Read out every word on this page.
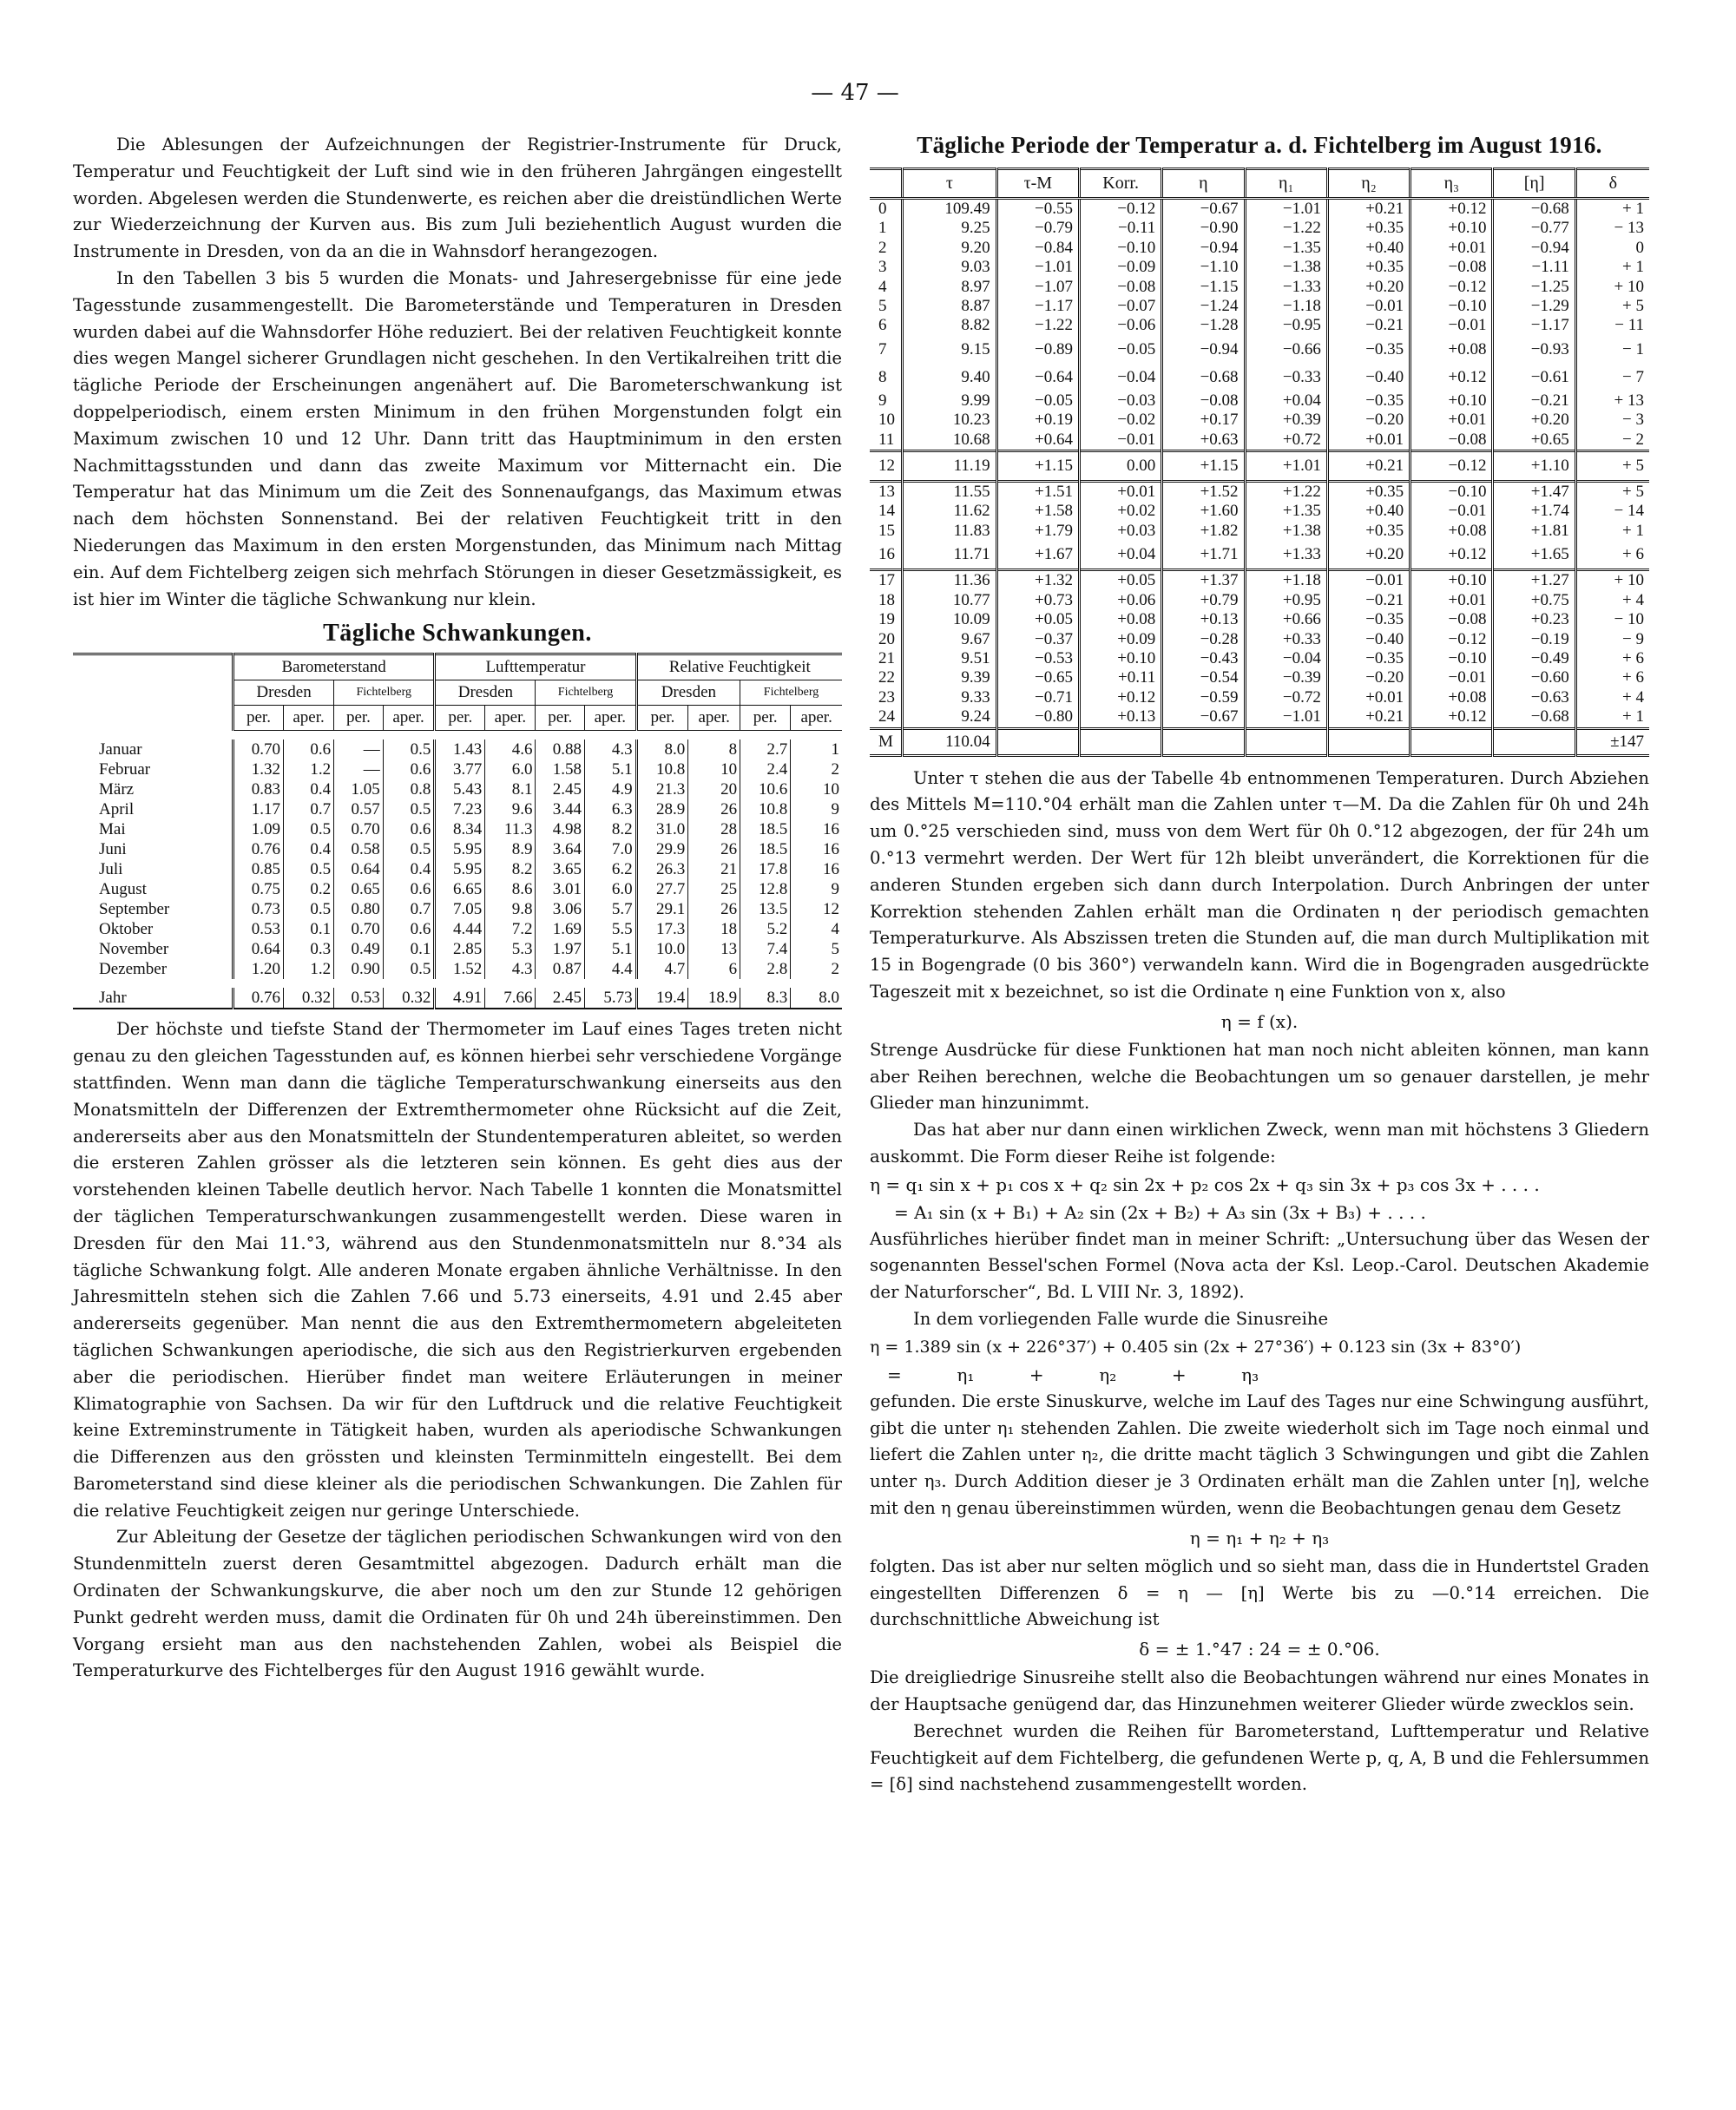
— 47 —

Die Ablesungen der Aufzeichnungen der Registrier-Instrumente für Druck, Temperatur und Feuchtigkeit der Luft sind wie in den früheren Jahrgängen eingestellt worden. Abgelesen werden die Stundenwerte, es reichen aber die dreistündlichen Werte zur Wiederzeichnung der Kurven aus. Bis zum Juli beziehentlich August wurden die Instrumente in Dresden, von da an die in Wahnsdorf herangezogen.

In den Tabellen 3 bis 5 wurden die Monats- und Jahresergebnisse für eine jede Tagesstunde zusammengestellt. Die Barometerstände und Temperaturen in Dresden wurden dabei auf die Wahnsdorfer Höhe reduziert. Bei der relativen Feuchtigkeit konnte dies wegen Mangel sicherer Grundlagen nicht geschehen. In den Vertikalreihen tritt die tägliche Periode der Erscheinungen angenähert auf. Die Barometerschwankung ist doppelperiodisch, einem ersten Minimum in den frühen Morgenstunden folgt ein Maximum zwischen 10 und 12 Uhr. Dann tritt das Hauptminimum in den ersten Nachmittagsstunden und dann das zweite Maximum vor Mitternacht ein. Die Temperatur hat das Minimum um die Zeit des Sonnenaufgangs, das Maximum etwas nach dem höchsten Sonnenstand. Bei der relativen Feuchtigkeit tritt in den Niederungen das Maximum in den ersten Morgenstunden, das Minimum nach Mittag ein. Auf dem Fichtelberg zeigen sich mehrfach Störungen in dieser Gesetzmässigkeit, es ist hier im Winter die tägliche Schwankung nur klein.

Tägliche Schwankungen.
	Barometerstand				Lufttemperatur				Relative Feuchtigkeit			
	Dresden		Fichtelberg		Dresden		Fichtelberg		Dresden		Fichtelberg	
	per.	aper.	per.	aper.	per.	aper.	per.	aper.	per.	aper.	per.	aper.

Januar	0.70	0.6	—	0.5	1.43	4.6	0.88	4.3	8.0	8	2.7	1
Februar	1.32	1.2	—	0.6	3.77	6.0	1.58	5.1	10.8	10	2.4	2
März	0.83	0.4	1.05	0.8	5.43	8.1	2.45	4.9	21.3	20	10.6	10
April	1.17	0.7	0.57	0.5	7.23	9.6	3.44	6.3	28.9	26	10.8	9
Mai	1.09	0.5	0.70	0.6	8.34	11.3	4.98	8.2	31.0	28	18.5	16
Juni	0.76	0.4	0.58	0.5	5.95	8.9	3.64	7.0	29.9	26	18.5	16
Juli	0.85	0.5	0.64	0.4	5.95	8.2	3.65	6.2	26.3	21	17.8	16
August	0.75	0.2	0.65	0.6	6.65	8.6	3.01	6.0	27.7	25	12.8	9
September	0.73	0.5	0.80	0.7	7.05	9.8	3.06	5.7	29.1	26	13.5	12
Oktober	0.53	0.1	0.70	0.6	4.44	7.2	1.69	5.5	17.3	18	5.2	4
November	0.64	0.3	0.49	0.1	2.85	5.3	1.97	5.1	10.0	13	7.4	5
Dezember	1.20	1.2	0.90	0.5	1.52	4.3	0.87	4.4	4.7	6	2.8	2

Jahr	0.76	0.32	0.53	0.32	4.91	7.66	2.45	5.73	19.4	18.9	8.3	8.0

Der höchste und tiefste Stand der Thermometer im Lauf eines Tages treten nicht genau zu den gleichen Tagesstunden auf, es können hierbei sehr verschiedene Vorgänge stattfinden. Wenn man dann die tägliche Temperaturschwankung einerseits aus den Monatsmitteln der Differenzen der Extremthermometer ohne Rücksicht auf die Zeit, andererseits aber aus den Monatsmitteln der Stundentemperaturen ableitet, so werden die ersteren Zahlen grösser als die letzteren sein können. Es geht dies aus der vorstehenden kleinen Tabelle deutlich hervor. Nach Tabelle 1 konnten die Monatsmittel der täglichen Temperaturschwankungen zusammengestellt werden. Diese waren in Dresden für den Mai 11.°3, während aus den Stundenmonatsmitteln nur 8.°34 als tägliche Schwankung folgt. Alle anderen Monate ergaben ähnliche Verhältnisse. In den Jahresmitteln stehen sich die Zahlen 7.66 und 5.73 einerseits, 4.91 und 2.45 aber andererseits gegenüber. Man nennt die aus den Extremthermometern abgeleiteten täglichen Schwankungen aperiodische, die sich aus den Registrierkurven ergebenden aber die periodischen. Hierüber findet man weitere Erläuterungen in meiner Klimatographie von Sachsen. Da wir für den Luftdruck und die relative Feuchtigkeit keine Extreminstrumente in Tätigkeit haben, wurden als aperiodische Schwankungen die Differenzen aus den grössten und kleinsten Terminmitteln eingestellt. Bei dem Barometerstand sind diese kleiner als die periodischen Schwankungen. Die Zahlen für die relative Feuchtigkeit zeigen nur geringe Unterschiede.

Zur Ableitung der Gesetze der täglichen periodischen Schwankungen wird von den Stundenmitteln zuerst deren Gesamtmittel abgezogen. Dadurch erhält man die Ordinaten der Schwankungskurve, die aber noch um den zur Stunde 12 gehörigen Punkt gedreht werden muss, damit die Ordinaten für 0h und 24h übereinstimmen. Den Vorgang ersieht man aus den nachstehenden Zahlen, wobei als Beispiel die Temperaturkurve des Fichtelberges für den August 1916 gewählt wurde.

Tägliche Periode der Temperatur a. d. Fichtelberg im August 1916.
	τ	τ-M	Korr.	η	η₁	η₂	η₃	[η]	δ
0	109.49	−0.55	−0.12	−0.67	−1.01	+0.21	+0.12	−0.68	+ 1
1	9.25	−0.79	−0.11	−0.90	−1.22	+0.35	+0.10	−0.77	− 13
2	9.20	−0.84	−0.10	−0.94	−1.35	+0.40	+0.01	−0.94	0
3	9.03	−1.01	−0.09	−1.10	−1.38	+0.35	−0.08	−1.11	+ 1
4	8.97	−1.07	−0.08	−1.15	−1.33	+0.20	−0.12	−1.25	+ 10
5	8.87	−1.17	−0.07	−1.24	−1.18	−0.01	−0.10	−1.29	+ 5
6	8.82	−1.22	−0.06	−1.28	−0.95	−0.21	−0.01	−1.17	− 11
7	9.15	−0.89	−0.05	−0.94	−0.66	−0.35	+0.08	−0.93	− 1
8	9.40	−0.64	−0.04	−0.68	−0.33	−0.40	+0.12	−0.61	− 7
9	9.99	−0.05	−0.03	−0.08	+0.04	−0.35	+0.10	−0.21	+ 13
10	10.23	+0.19	−0.02	+0.17	+0.39	−0.20	+0.01	+0.20	− 3
11	10.68	+0.64	−0.01	+0.63	+0.72	+0.01	−0.08	+0.65	− 2
12	11.19	+1.15	0.00	+1.15	+1.01	+0.21	−0.12	+1.10	+ 5
13	11.55	+1.51	+0.01	+1.52	+1.22	+0.35	−0.10	+1.47	+ 5
14	11.62	+1.58	+0.02	+1.60	+1.35	+0.40	−0.01	+1.74	− 14
15	11.83	+1.79	+0.03	+1.82	+1.38	+0.35	+0.08	+1.81	+ 1
16	11.71	+1.67	+0.04	+1.71	+1.33	+0.20	+0.12	+1.65	+ 6
17	11.36	+1.32	+0.05	+1.37	+1.18	−0.01	+0.10	+1.27	+ 10
18	10.77	+0.73	+0.06	+0.79	+0.95	−0.21	+0.01	+0.75	+ 4
19	10.09	+0.05	+0.08	+0.13	+0.66	−0.35	−0.08	+0.23	− 10
20	9.67	−0.37	+0.09	−0.28	+0.33	−0.40	−0.12	−0.19	− 9
21	9.51	−0.53	+0.10	−0.43	−0.04	−0.35	−0.10	−0.49	+ 6
22	9.39	−0.65	+0.11	−0.54	−0.39	−0.20	−0.01	−0.60	+ 6
23	9.33	−0.71	+0.12	−0.59	−0.72	+0.01	+0.08	−0.63	+ 4
24	9.24	−0.80	+0.13	−0.67	−1.01	+0.21	+0.12	−0.68	+ 1
M	110.04								±147

Unter τ stehen die aus der Tabelle 4b entnommenen Temperaturen. Durch Abziehen des Mittels M=110.°04 erhält man die Zahlen unter τ—M. Da die Zahlen für 0h und 24h um 0.°25 verschieden sind, muss von dem Wert für 0h 0.°12 abgezogen, der für 24h um 0.°13 vermehrt werden. Der Wert für 12h bleibt unverändert, die Korrektionen für die anderen Stunden ergeben sich dann durch Interpolation. Durch Anbringen der unter Korrektion stehenden Zahlen erhält man die Ordinaten η der periodisch gemachten Temperaturkurve. Als Abszissen treten die Stunden auf, die man durch Multiplikation mit 15 in Bogengrade (0 bis 360°) verwandeln kann. Wird die in Bogengraden ausgedrückte Tageszeit mit x bezeichnet, so ist die Ordinate η eine Funktion von x, also

η = f (x).

Strenge Ausdrücke für diese Funktionen hat man noch nicht ableiten können, man kann aber Reihen berechnen, welche die Beobachtungen um so genauer darstellen, je mehr Glieder man hinzunimmt.

Das hat aber nur dann einen wirklichen Zweck, wenn man mit höchstens 3 Gliedern auskommt. Die Form dieser Reihe ist folgende:

η = q₁ sin x + p₁ cos x + q₂ sin 2x + p₂ cos 2x + q₃ sin 3x + p₃ cos 3x + . . . .
= A₁ sin (x + B₁) + A₂ sin (2x + B₂) + A₃ sin (3x + B₃) + . . . .

Ausführliches hierüber findet man in meiner Schrift: „Untersuchung über das Wesen der sogenannten Bessel'schen Formel (Nova acta der Ksl. Leop.-Carol. Deutschen Akademie der Naturforscher“, Bd. L VIII Nr. 3, 1892).

In dem vorliegenden Falle wurde die Sinusreihe

η = 1.389 sin (x + 226°37′) + 0.405 sin (2x + 27°36′) + 0.123 sin (3x + 83°0′)
=          η₁          +          η₂          +          η₃

gefunden. Die erste Sinuskurve, welche im Lauf des Tages nur eine Schwingung ausführt, gibt die unter η₁ stehenden Zahlen. Die zweite wiederholt sich im Tage noch einmal und liefert die Zahlen unter η₂, die dritte macht täglich 3 Schwingungen und gibt die Zahlen unter η₃. Durch Addition dieser je 3 Ordinaten erhält man die Zahlen unter [η], welche mit den η genau übereinstimmen würden, wenn die Beobachtungen genau dem Gesetz

η = η₁ + η₂ + η₃

folgten. Das ist aber nur selten möglich und so sieht man, dass die in Hundertstel Graden eingestellten Differenzen δ = η — [η] Werte bis zu —0.°14 erreichen. Die durchschnittliche Abweichung ist

δ = ± 1.°47 : 24 = ± 0.°06.

Die dreigliedrige Sinusreihe stellt also die Beobachtungen während nur eines Monates in der Hauptsache genügend dar, das Hinzunehmen weiterer Glieder würde zwecklos sein.

Berechnet wurden die Reihen für Barometerstand, Lufttemperatur und Relative Feuchtigkeit auf dem Fichtelberg, die gefundenen Werte p, q, A, B und die Fehlersummen = [δ] sind nachstehend zusammengestellt worden.
